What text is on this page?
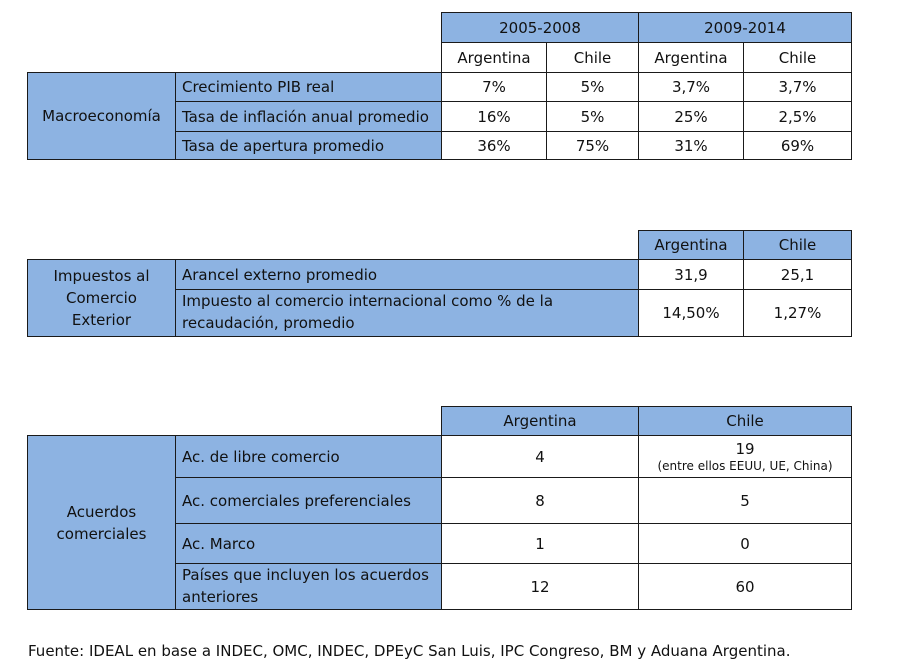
2005-2008	2009-2014
Argentina	Chile	Argentina	Chile
Macroeconomía
Crecimiento PIB real	7%	5%	3,7%	3,7%
Tasa de inflación anual promedio	16%	5%	25%	2,5%
Tasa de apertura promedio	36%	75%	31%	69%
Argentina	Chile
Impuestos al
Comercio
Exterior
Arancel externo promedio	31,9	25,1
Impuesto al comercio internacional como % de la
recaudación, promedio
14,50%	1,27%
Argentina	Chile
Acuerdos
comerciales
Ac. de libre comercio	4	19
(entre ellos EEUU, UE, China)
Ac. comerciales preferenciales	8	5
Ac. Marco	1	0
Países que incluyen los acuerdos
anteriores
12	60
Fuente: IDEAL en base a INDEC, OMC, INDEC, DPEyC San Luis, IPC Congreso, BM y Aduana Argentina.
